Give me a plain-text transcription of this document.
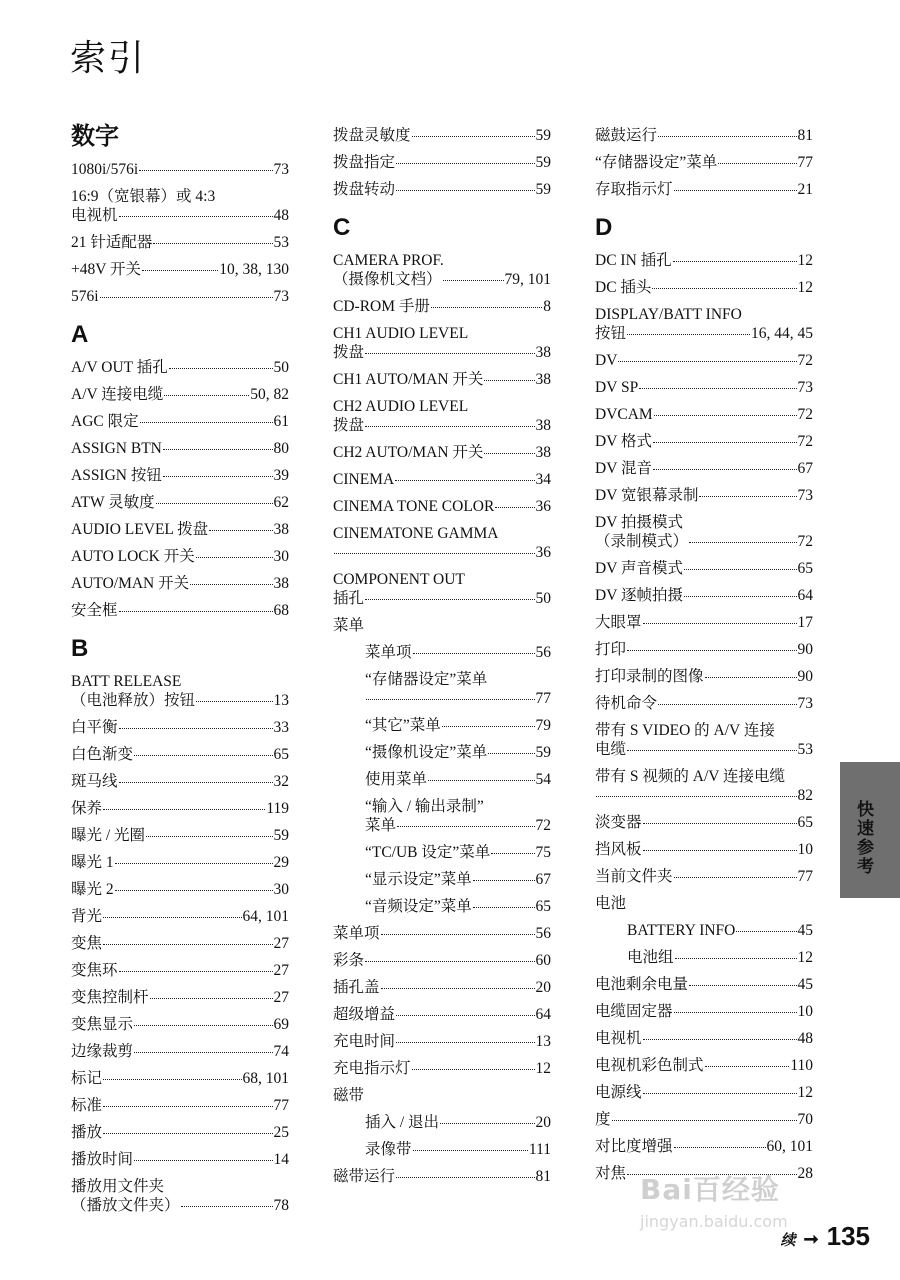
索引
数字
1080i/576i	73
16:9（宽银幕）或 4:3
电视机	48
21 针适配器	53
+48V 开关	10, 38, 130
576i	73
A
A/V OUT 插孔	50
A/V 连接电缆	50, 82
AGC 限定	61
ASSIGN BTN	80
ASSIGN 按钮	39
ATW 灵敏度	62
AUDIO LEVEL 拨盘	38
AUTO LOCK 开关	30
AUTO/MAN 开关	38
安全框	68
B
BATT RELEASE
（电池释放）按钮	13
白平衡	33
白色渐变	65
斑马线	32
保养	119
曝光 / 光圈	59
曝光 1	29
曝光 2	30
背光	64, 101
变焦	27
变焦环	27
变焦控制杆	27
变焦显示	69
边缘裁剪	74
标记	68, 101
标准	77
播放	25
播放时间	14
播放用文件夹
（播放文件夹）	78
拨盘灵敏度	59
拨盘指定	59
拨盘转动	59
C
CAMERA PROF.
（摄像机文档）	79, 101
CD-ROM 手册	8
CH1 AUDIO LEVEL
拨盘	38
CH1 AUTO/MAN 开关	38
CH2 AUDIO LEVEL
拨盘	38
CH2 AUTO/MAN 开关	38
CINEMA	34
CINEMA TONE COLOR	36
CINEMATONE GAMMA
36
COMPONENT OUT
插孔	50
菜单
菜单项	56
“存储器设定”菜单
77
“其它”菜单	79
“摄像机设定”菜单	59
使用菜单	54
“输入 / 输出录制”
菜单	72
“TC/UB 设定”菜单	75
“显示设定”菜单	67
“音频设定”菜单	65
菜单项	56
彩条	60
插孔盖	20
超级增益	64
充电时间	13
充电指示灯	12
磁带
插入 / 退出	20
录像带	111
磁带运行	81
磁鼓运行	81
“存储器设定”菜单	77
存取指示灯	21
D
DC IN 插孔	12
DC 插头	12
DISPLAY/BATT INFO
按钮	16, 44, 45
DV	72
DV SP	73
DVCAM	72
DV 格式	72
DV 混音	67
DV 宽银幕录制	73
DV 拍摄模式
（录制模式）	72
DV 声音模式	65
DV 逐帧拍摄	64
大眼罩	17
打印	90
打印录制的图像	90
待机命令	73
带有 S VIDEO 的 A/V 连接
电缆	53
带有 S 视频的 A/V 连接电缆
82
淡变器	65
挡风板	10
当前文件夹	77
电池
BATTERY INFO	45
电池组	12
电池剩余电量	45
电缆固定器	10
电视机	48
电视机彩色制式	110
电源线	12
度	70
对比度增强	60, 101
对焦	28
快速参考
Bai百经验
jingyan.baidu.com
续 ➞ 135
